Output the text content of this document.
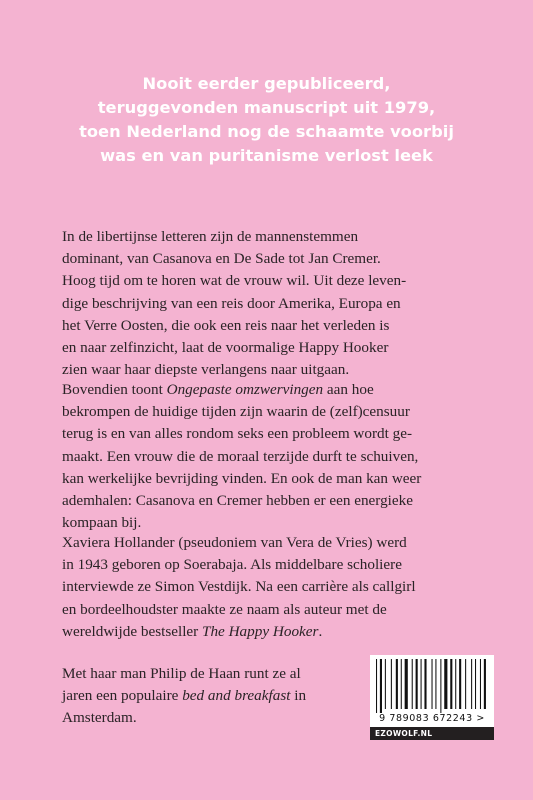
Nooit eerder gepubliceerd,
teruggevonden manuscript uit 1979,
toen Nederland nog de schaamte voorbij
was en van puritanisme verlost leek
In de libertijnse letteren zijn de mannenstemmen
dominant, van Casanova en De Sade tot Jan Cremer.
Hoog tijd om te horen wat de vrouw wil. Uit deze leven-
dige beschrijving van een reis door Amerika, Europa en
het Verre Oosten, die ook een reis naar het verleden is
en naar zelfinzicht, laat de voormalige Happy Hooker
zien waar haar diepste verlangens naar uitgaan.
Bovendien toont Ongepaste omzwervingen aan hoe
bekrompen de huidige tijden zijn waarin de (zelf)censuur
terug is en van alles rondom seks een probleem wordt ge-
maakt. Een vrouw die de moraal terzijde durft te schuiven,
kan werkelijke bevrijding vinden. En ook de man kan weer
ademhalen: Casanova en Cremer hebben er een energieke
kompaan bij.
Xaviera Hollander (pseudoniem van Vera de Vries) werd
in 1943 geboren op Soerabaja. Als middelbare scholiere
interviewde ze Simon Vestdijk. Na een carrière als callgirl
en bordeelhoudster maakte ze naam als auteur met de
wereldwijde bestseller The Happy Hooker.
Met haar man Philip de Haan runt ze al
jaren een populaire bed and breakfast in
Amsterdam.	9 789083 672243 >
EZOWOLF.NL
